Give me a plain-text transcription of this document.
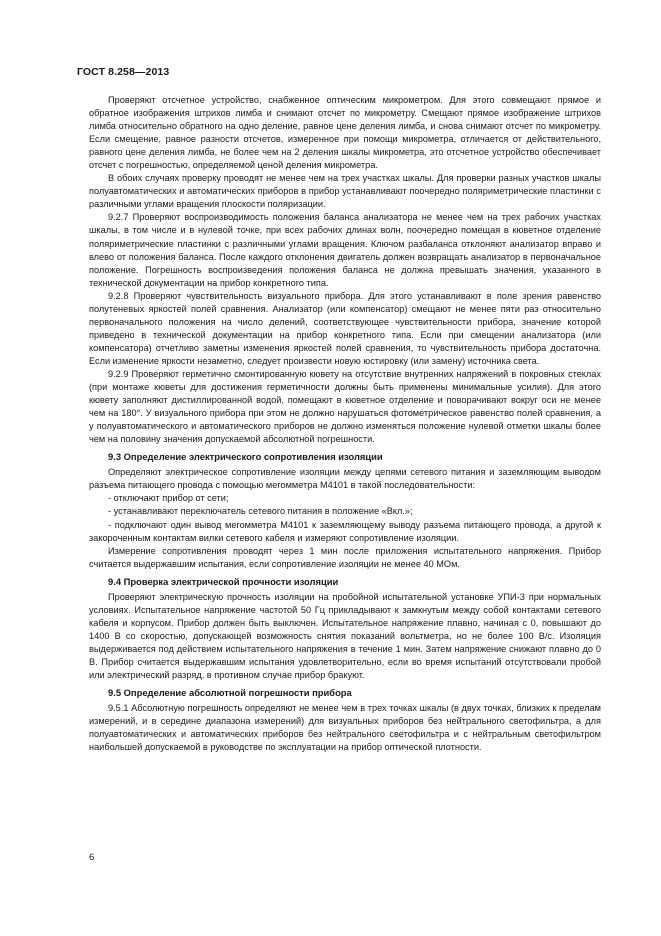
ГОСТ 8.258—2013

Проверяют отсчетное устройство, снабженное оптическим микрометром. Для этого совмещают прямое и обратное изображения штрихов лимба и снимают отсчет по микрометру. Смещают прямое изображение штрихов лимба относительно обратного на одно деление, равное цене деления лимба, и снова снимают отсчет по микрометру. Если смещение, равное разности отсчетов, измеренное при помощи микрометра, отличается от действительного, равного цене деления лимба, не более чем на 2 деления шкалы микрометра, это отсчетное устройство обеспечивает отсчет с погрешностью, определяемой ценой деления микрометра.

В обоих случаях проверку проводят не менее чем на трех участках шкалы. Для проверки разных участков шкалы полуавтоматических и автоматических приборов в прибор устанавливают поочередно поляриметрические пластинки с различными углами вращения плоскости поляризации.

9.2.7 Проверяют воспроизводимость положения баланса анализатора не менее чем на трех рабочих участках шкалы, в том числе и в нулевой точке, при всех рабочих длинах волн, поочередно помещая в кюветное отделение поляриметрические пластинки с различными углами вращения. Ключом разбалансa отклоняют анализатор вправо и влево от положения баланса. После каждого отклонения двигатель должен возвращать анализатор в первоначальное положение. Погрешность воспроизведения положения баланса не должна превышать значения, указанного в технической документации на прибор конкретного типа.

9.2.8 Проверяют чувствительность визуального прибора. Для этого устанавливают в поле зрения равенство полутеневых яркостей полей сравнения. Анализатор (или компенсатор) смещают не менее пяти раз относительно первоначального положения на число делений, соответствующее чувствительности прибора, значение которой приведено в технической документации на прибор конкретного типа. Если при смещении анализатора (или компенсатора) отчетливо заметны изменения яркостей полей сравнения, то чувствительность прибора достаточна. Если изменение яркости незаметно, следует произвести новую юстировку (или замену) источника света.

9.2.9 Проверяют герметично смонтированную кювету на отсутствие внутренних напряжений в покровных стеклах (при монтаже кюветы для достижения герметичности должны быть применены минимальные усилия). Для этого кювету заполняют дистиллированной водой, помещают в кюветное отделение и поворачивают вокруг оси не менее чем на 180°. У визуального прибора при этом не должно нарушаться фотометрическое равенство полей сравнения, а у полуавтоматического и автоматического приборов не должно изменяться положение нулевой отметки шкалы более чем на половину значения допускаемой абсолютной погрешности.

9.3 Определение электрического сопротивления изоляции

Определяют электрическое сопротивление изоляции между цепями сетевого питания и заземляющим выводом разъема питающего провода с помощью мегомметра М4101 в такой последовательности:

- отключают прибор от сети;

- устанавливают переключатель сетевого питания в положение «Вкл.»;

- подключают один вывод мегомметра М4101 к заземляющему выводу разъема питающего провода, а другой к закороченным контактам вилки сетевого кабеля и измеряют сопротивление изоляции.

Измерение сопротивления проводят через 1 мин после приложения испытательного напряжения. Прибор считается выдержавшим испытания, если сопротивление изоляции не менее 40 МОм.

9.4 Проверка электрической прочности изоляции

Проверяют электрическую прочность изоляции на пробойной испытательной установке УПИ-3 при нормальных условиях. Испытательное напряжение частотой 50 Гц прикладывают к замкнутым между собой контактами сетевого кабеля и корпусом. Прибор должен быть выключен. Испытательное напряжение плавно, начиная с 0, повышают до 1400 В со скоростью, допускающей возможность снятия показаний вольтметра, но не более 100 В/с. Изоляция выдерживается под действием испытательного напряжения в течение 1 мин. Затем напряжение снижают плавно до 0 В. Прибор считается выдержавшим испытания удовлетворительно, если во время испытаний отсутствовали пробой или электрический разряд, в противном случае прибор бракуют.

9.5 Определение абсолютной погрешности прибора

9.5.1 Абсолютную погрешность определяют не менее чем в трех точках шкалы (в двух точках, близких к пределам измерений, и в середине диапазона измерений) для визуальных приборов без нейтрального светофильтра, а для полуавтоматических и автоматических приборов без нейтрального светофильтра и с нейтральным светофильтром наибольшей допускаемой в руководстве по эксплуатации на прибор оптической плотности.

6
